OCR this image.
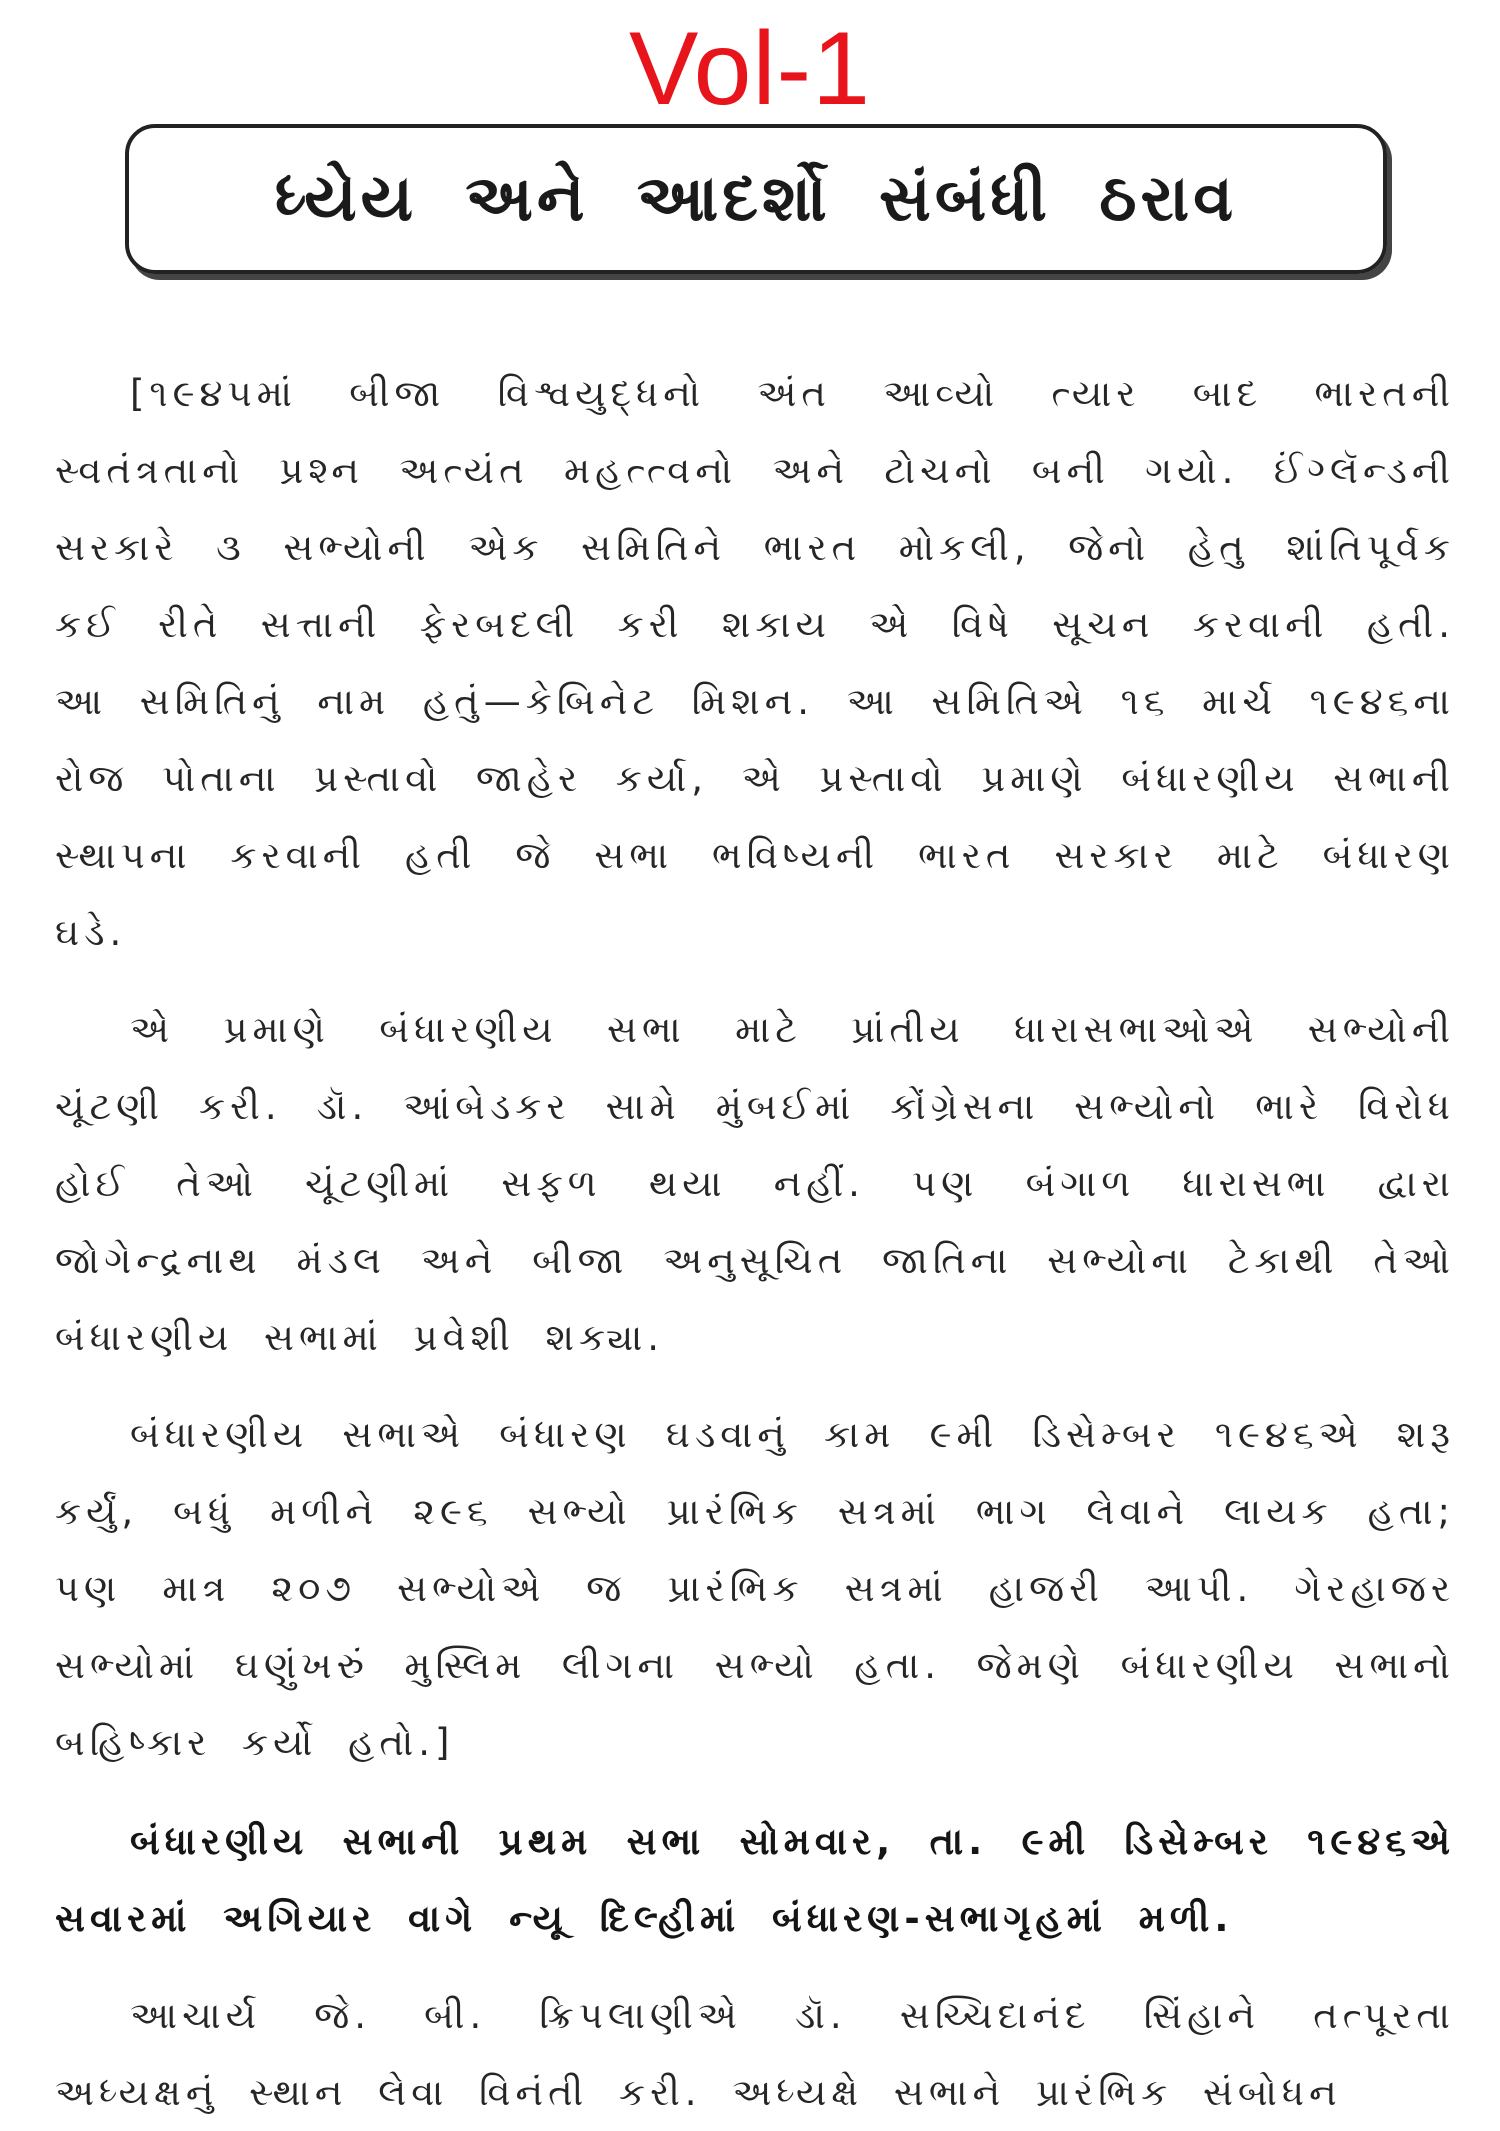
Vol-1
ધ્યેય અને આદર્શો સંબંધી ઠરાવ

[૧૯૪૫માં બીજા વિશ્વયુદ્ધનો અંત આવ્યો ત્યાર બાદ ભારતની સ્વતંત્રતાનો પ્રશ્ન અત્યંત મહત્ત્વનો અને ટોચનો બની ગયો. ઈંગ્લૅન્ડની સરકારે ૩ સભ્યોની એક સમિતિને ભારત મોકલી, જેનો હેતુ શાંતિપૂર્વક કઈ રીતે સત્તાની ફેરબદલી કરી શકાય એ વિષે સૂચન કરવાની હતી. આ સમિતિનું નામ હતું—કેબિનેટ મિશન. આ સમિતિએ ૧૬ માર્ચ ૧૯૪૬ના રોજ પોતાના પ્રસ્તાવો જાહેર કર્યા, એ પ્રસ્તાવો પ્રમાણે બંધારણીય સભાની સ્થાપના કરવાની હતી જે સભા ભવિષ્યની ભારત સરકાર માટે બંધારણ ઘડે.

એ પ્રમાણે બંધારણીય સભા માટે પ્રાંતીય ધારાસભાઓએ સભ્યોની ચૂંટણી કરી. ડૉ. આંબેડકર સામે મુંબઈમાં કોંગ્રેસના સભ્યોનો ભારે વિરોધ હોઈ તેઓ ચૂંટણીમાં સફળ થયા નહીં. પણ બંગાળ ધારાસભા દ્વારા જોગેન્દ્રનાથ મંડલ અને બીજા અનુસૂચિત જાતિના સભ્યોના ટેકાથી તેઓ બંધારણીય સભામાં પ્રવેશી શક્યા.

બંધારણીય સભાએ બંધારણ ઘડવાનું કામ ૯મી ડિસેમ્બર ૧૯૪૬એ શરૂ કર્યું, બધું મળીને ૨૯૬ સભ્યો પ્રારંભિક સત્રમાં ભાગ લેવાને લાયક હતા; પણ માત્ર ૨૦૭ સભ્યોએ જ પ્રારંભિક સત્રમાં હાજરી આપી. ગેરહાજર સભ્યોમાં ઘણુંખરું મુસ્લિમ લીગના સભ્યો હતા. જેમણે બંધારણીય સભાનો બહિષ્કાર કર્યો હતો.]

બંધારણીય સભાની પ્રથમ સભા સોમવાર, તા. ૯મી ડિસેમ્બર ૧૯૪૬એ સવારમાં અગિયાર વાગે ન્યૂ દિલ્હીમાં બંધારણ-સભાગૃહમાં મળી.

આચાર્ય જે. બી. ક્રિપલાણીએ ડૉ. સચ્ચિદાનંદ સિંહાને તત્પૂરતા અધ્યક્ષનું સ્થાન લેવા વિનંતી કરી. અધ્યક્ષે સભાને પ્રારંભિક સંબોધન
